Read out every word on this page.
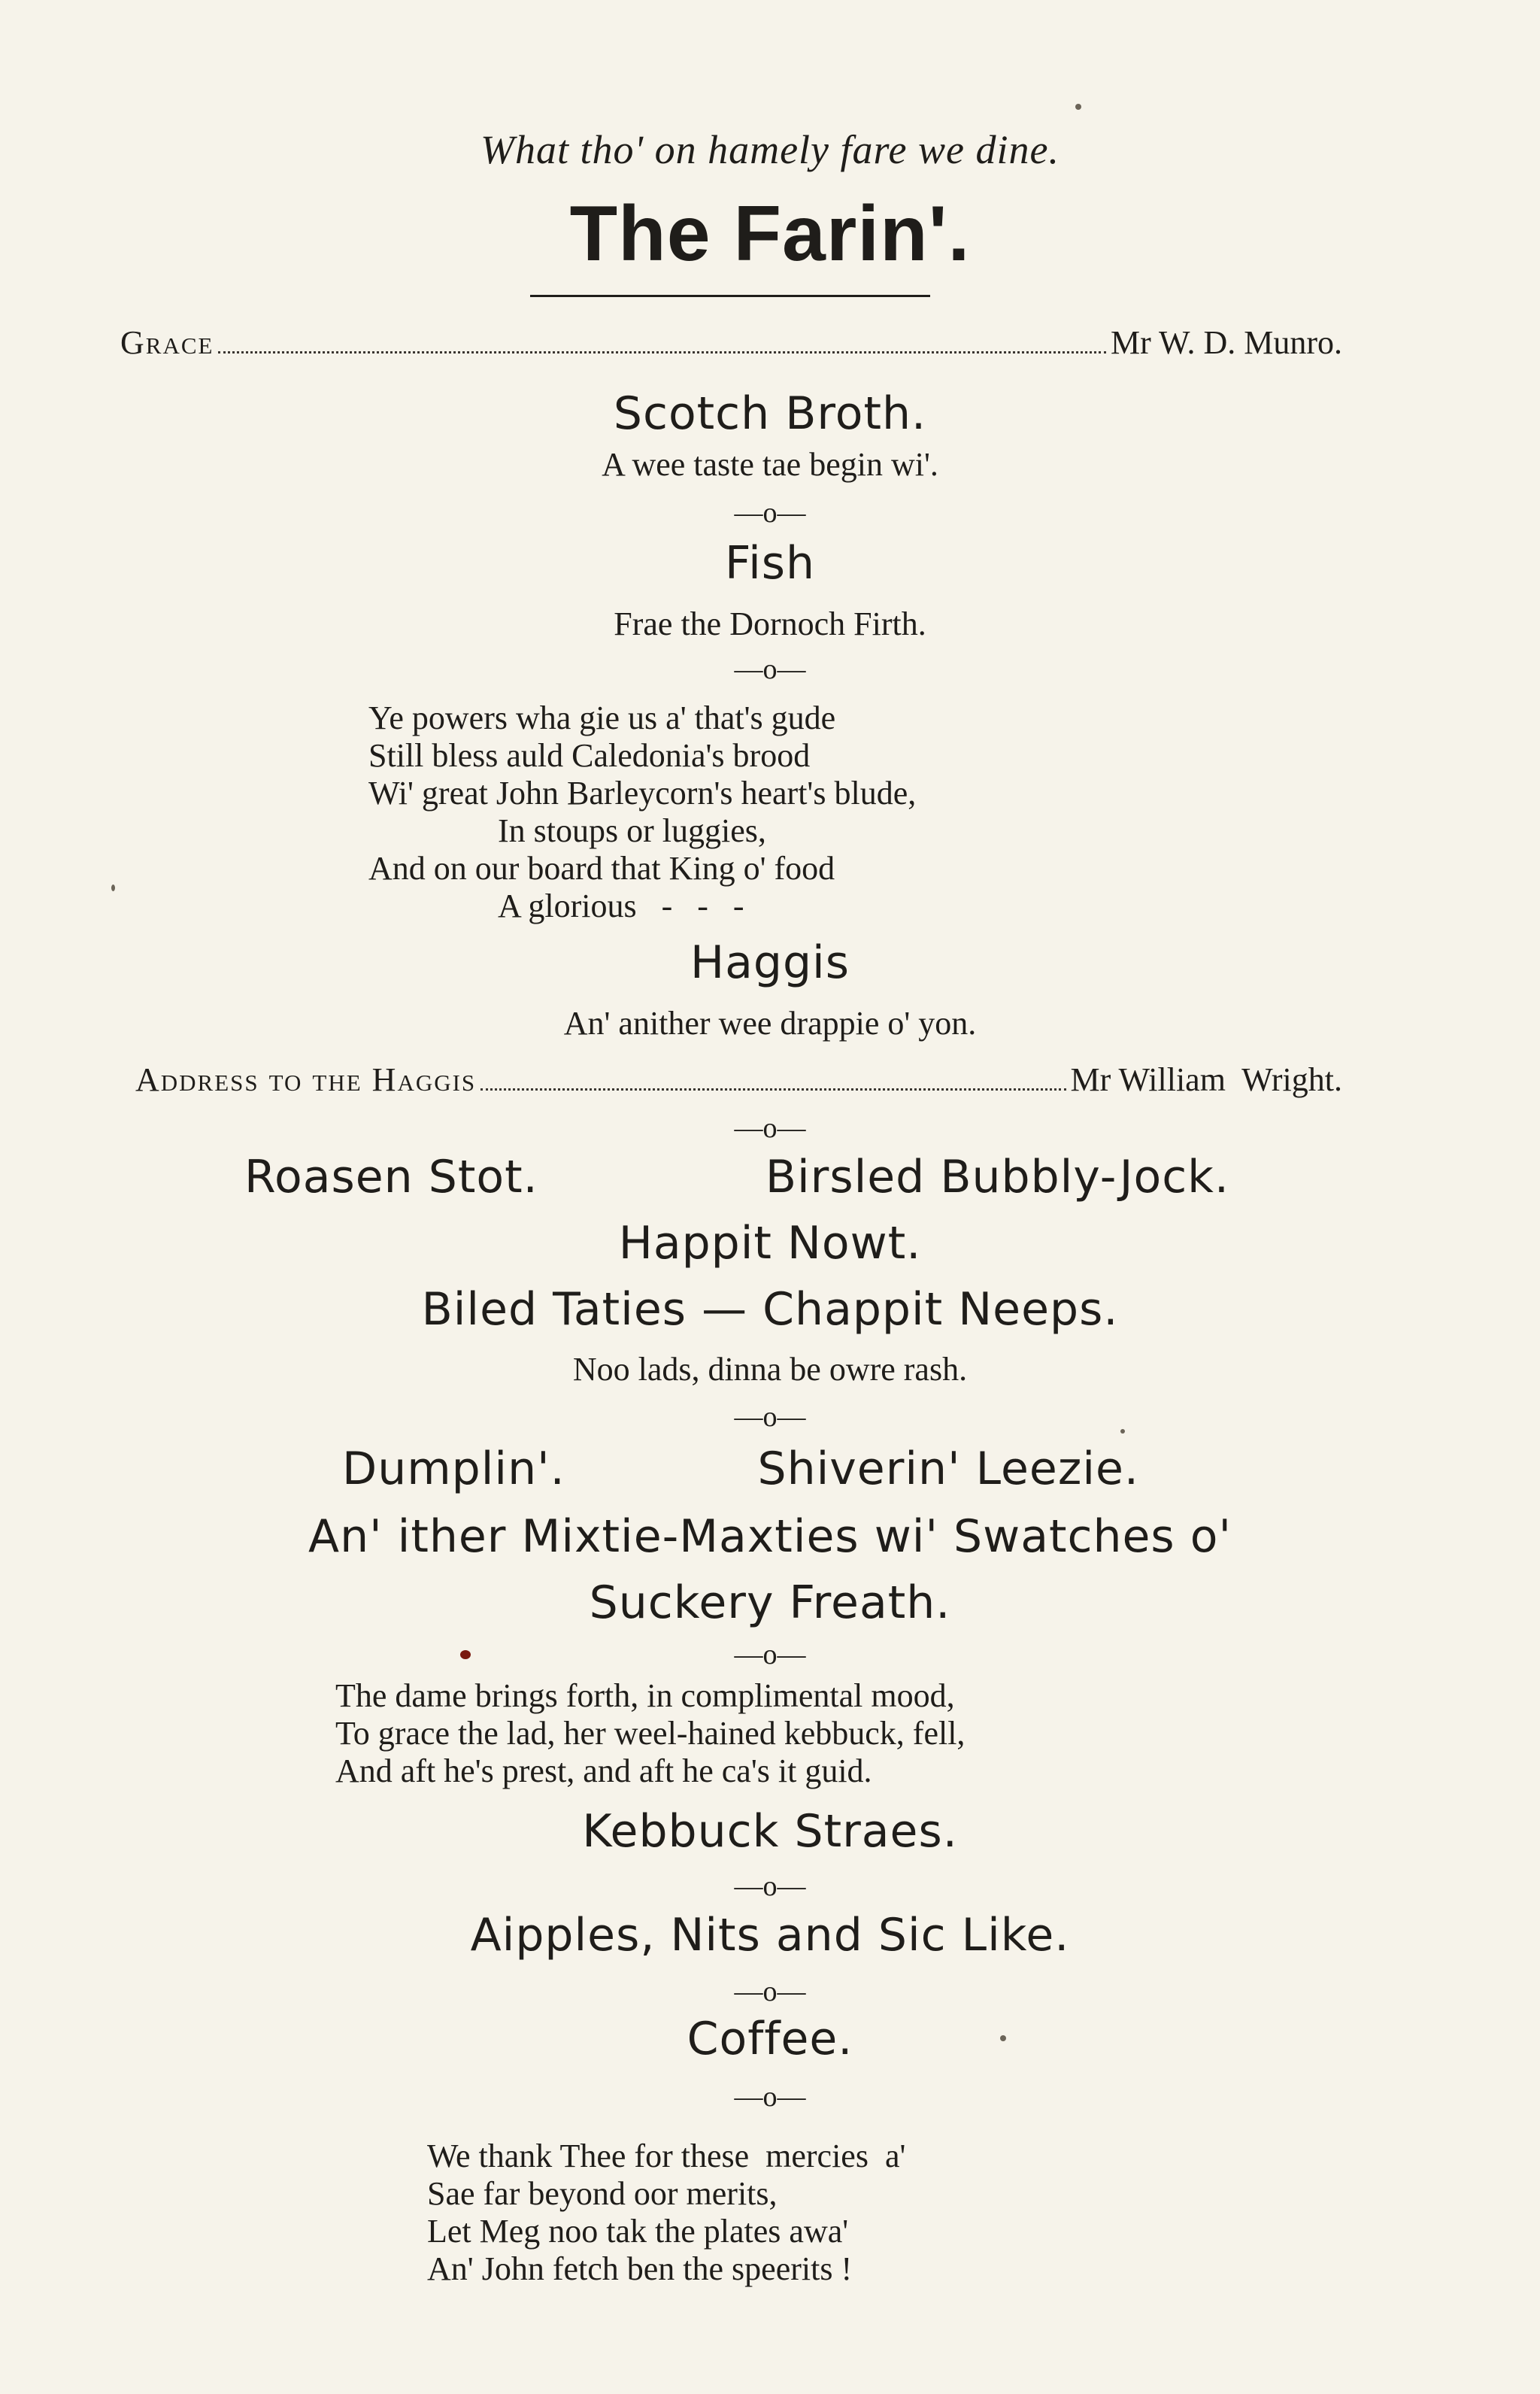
What tho' on hamely fare we dine.
The Farin'.
Grace	Mr W. D. Munro.
Scotch Broth.
A wee taste tae begin wi'.
—o—
Fish
Frae the Dornoch Firth.
—o—
Ye powers wha gie us a' that's gude
Still bless auld Caledonia's brood
Wi' great John Barleycorn's heart's blude,
In stoups or luggies,
And on our board that King o' food
A glorious   -   -   -
Haggis
An' anither wee drappie o' yon.
Address to the Haggis	Mr William  Wright.
—o—
Roasen Stot.	Birsled Bubbly-Jock.
Happit Nowt.
Biled Taties — Chappit Neeps.
Noo lads, dinna be owre rash.
—o—
Dumplin'.	Shiverin' Leezie.
An' ither Mixtie-Maxties wi' Swatches o'
Suckery Freath.
—o—
The dame brings forth, in complimental mood,
To grace the lad, her weel-hained kebbuck, fell,
And aft he's prest, and aft he ca's it guid.
Kebbuck Straes.
—o—
Aipples, Nits and Sic Like.
—o—
Coffee.
—o—
We thank Thee for these  mercies  a'
Sae far beyond oor merits,
Let Meg noo tak the plates awa'
An' John fetch ben the speerits !
